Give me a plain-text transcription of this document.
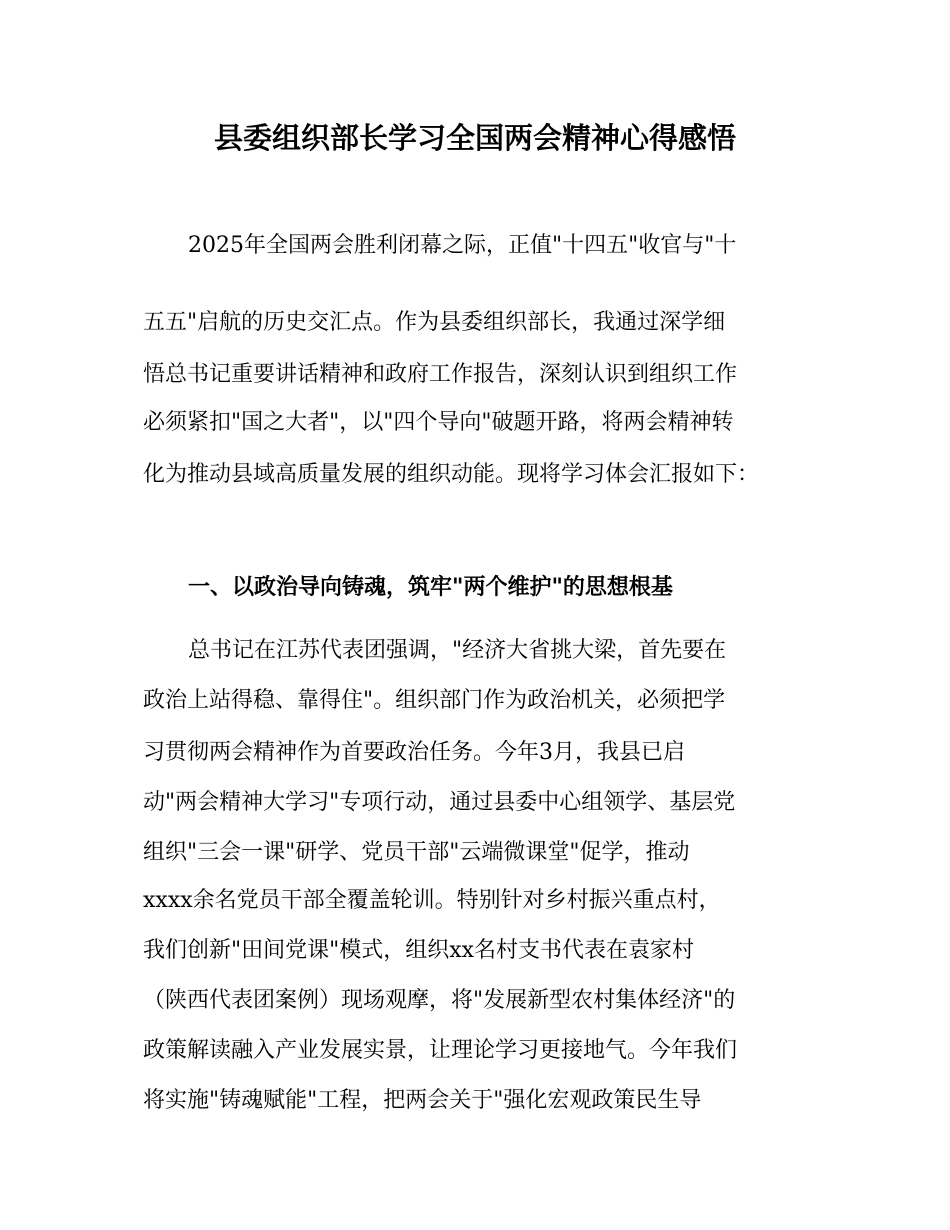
县委组织部长学习全国两会精神心得感悟

2025年全国两会胜利闭幕之际，正值"十四五"收官与"十

五五"启航的历史交汇点。作为县委组织部长，我通过深学细

悟总书记重要讲话精神和政府工作报告，深刻认识到组织工作

必须紧扣"国之大者"，以"四个导向"破题开路，将两会精神转

化为推动县域高质量发展的组织动能。现将学习体会汇报如下：

一、以政治导向铸魂，筑牢"两个维护"的思想根基

总书记在江苏代表团强调，"经济大省挑大梁，首先要在

政治上站得稳、靠得住"。组织部门作为政治机关，必须把学

习贯彻两会精神作为首要政治任务。今年3月，我县已启

动"两会精神大学习"专项行动，通过县委中心组领学、基层党

组织"三会一课"研学、党员干部"云端微课堂"促学，推动

xxxx余名党员干部全覆盖轮训。特别针对乡村振兴重点村，

我们创新"田间党课"模式，组织xx名村支书代表在袁家村

（陕西代表团案例）现场观摩，将"发展新型农村集体经济"的

政策解读融入产业发展实景，让理论学习更接地气。今年我们

将实施"铸魂赋能"工程，把两会关于"强化宏观政策民生导
